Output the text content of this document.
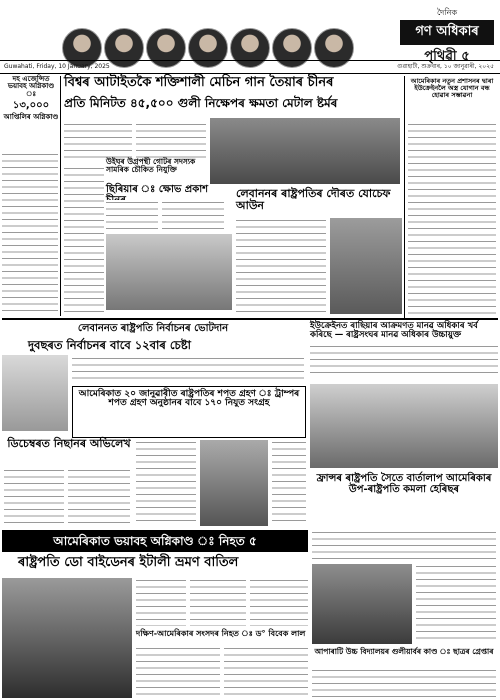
দৈনিক
গণ অধিকাৰ
পৃথিৱী ৫
Guwahati, Friday, 10 January, 2025	গুৱাহাটী, শুক্রবাৰ, ১০ জানুৱাৰী, ২০২৫
দহ এজেন্সিত ভয়াবহ অগ্নিকাণ্ড ঃ
১৩,০০০
আপ্তিলিৰ অগ্নিকাণ্ড
বিশ্বৰ আটাইতকৈ শক্তিশালী মেচিন গান তৈয়াৰ চীনৰ
প্ৰতি মিনিটত ৪৫,৫০০ গুলী নিক্ষেপৰ ক্ষমতা মেটাল ষ্টৰ্মৰ
আমেৰিকাৰ নতুন প্ৰশাসনৰ দ্বাৰা ইউক্ৰেইনলৈ অস্ত্ৰ যোগান বন্ধ হোৱাৰ সম্ভাৱনা
উইঘৰ উগ্ৰপন্থী গোটৰ সদস্যক সামৰিক চৌকিত নিযুক্তি
ছিৰিয়াৰ ঃ ক্ষোভ প্ৰকাশ	লেবাননৰ ৰাষ্ট্ৰপতিৰ দৌৰত যোচেফ আউন
লেবাননত ৰাষ্ট্ৰপতি নিৰ্বাচনৰ ভোটদান
দুবছৰত নিৰ্বাচনৰ বাবে ১২বাৰ চেষ্টা
ইউক্ৰেইনত ৰাছিয়াৰ আক্ৰমণত মানৱ অধিকাৰ খৰ্ব কৰিছে — ৰাষ্ট্ৰসংঘৰ মানৱ অধিকাৰ উচ্চায়ুক্ত
আমেৰিকাত ২০ জানুৱাৰীত ৰাষ্ট্ৰপতিৰ শপত গ্ৰহণ ঃ ট্ৰাম্পৰ শপত গ্ৰহণ অনুষ্ঠানৰ বাবে ১৭০ নিযুত সংগ্ৰহ
ডিচেম্বৰত নিছানৰ অভিলেখ
ফ্ৰান্সৰ ৰাষ্ট্ৰপতি সৈতে বাৰ্তালাপ আমেৰিকাৰ উপ-ৰাষ্ট্ৰপতি কমলা হেৰিছৰ
আমেৰিকাত ভয়াবহ অগ্নিকাণ্ড ঃ নিহত ৫
ৰাষ্ট্ৰপতি ডো বাইডেনৰ ইটালী ভ্ৰমণ বাতিল
দক্ষিণ-আমেৰিকাৰ সংসদৰ নিহত ঃ ড° বিবেক লাল
আপাৰাটি উচ্চ বিদ্যালয়ৰ গুলীয়াৰ্বৰ কাণ্ড ঃ ছাত্ৰৰ গ্ৰেপ্তাৰ
